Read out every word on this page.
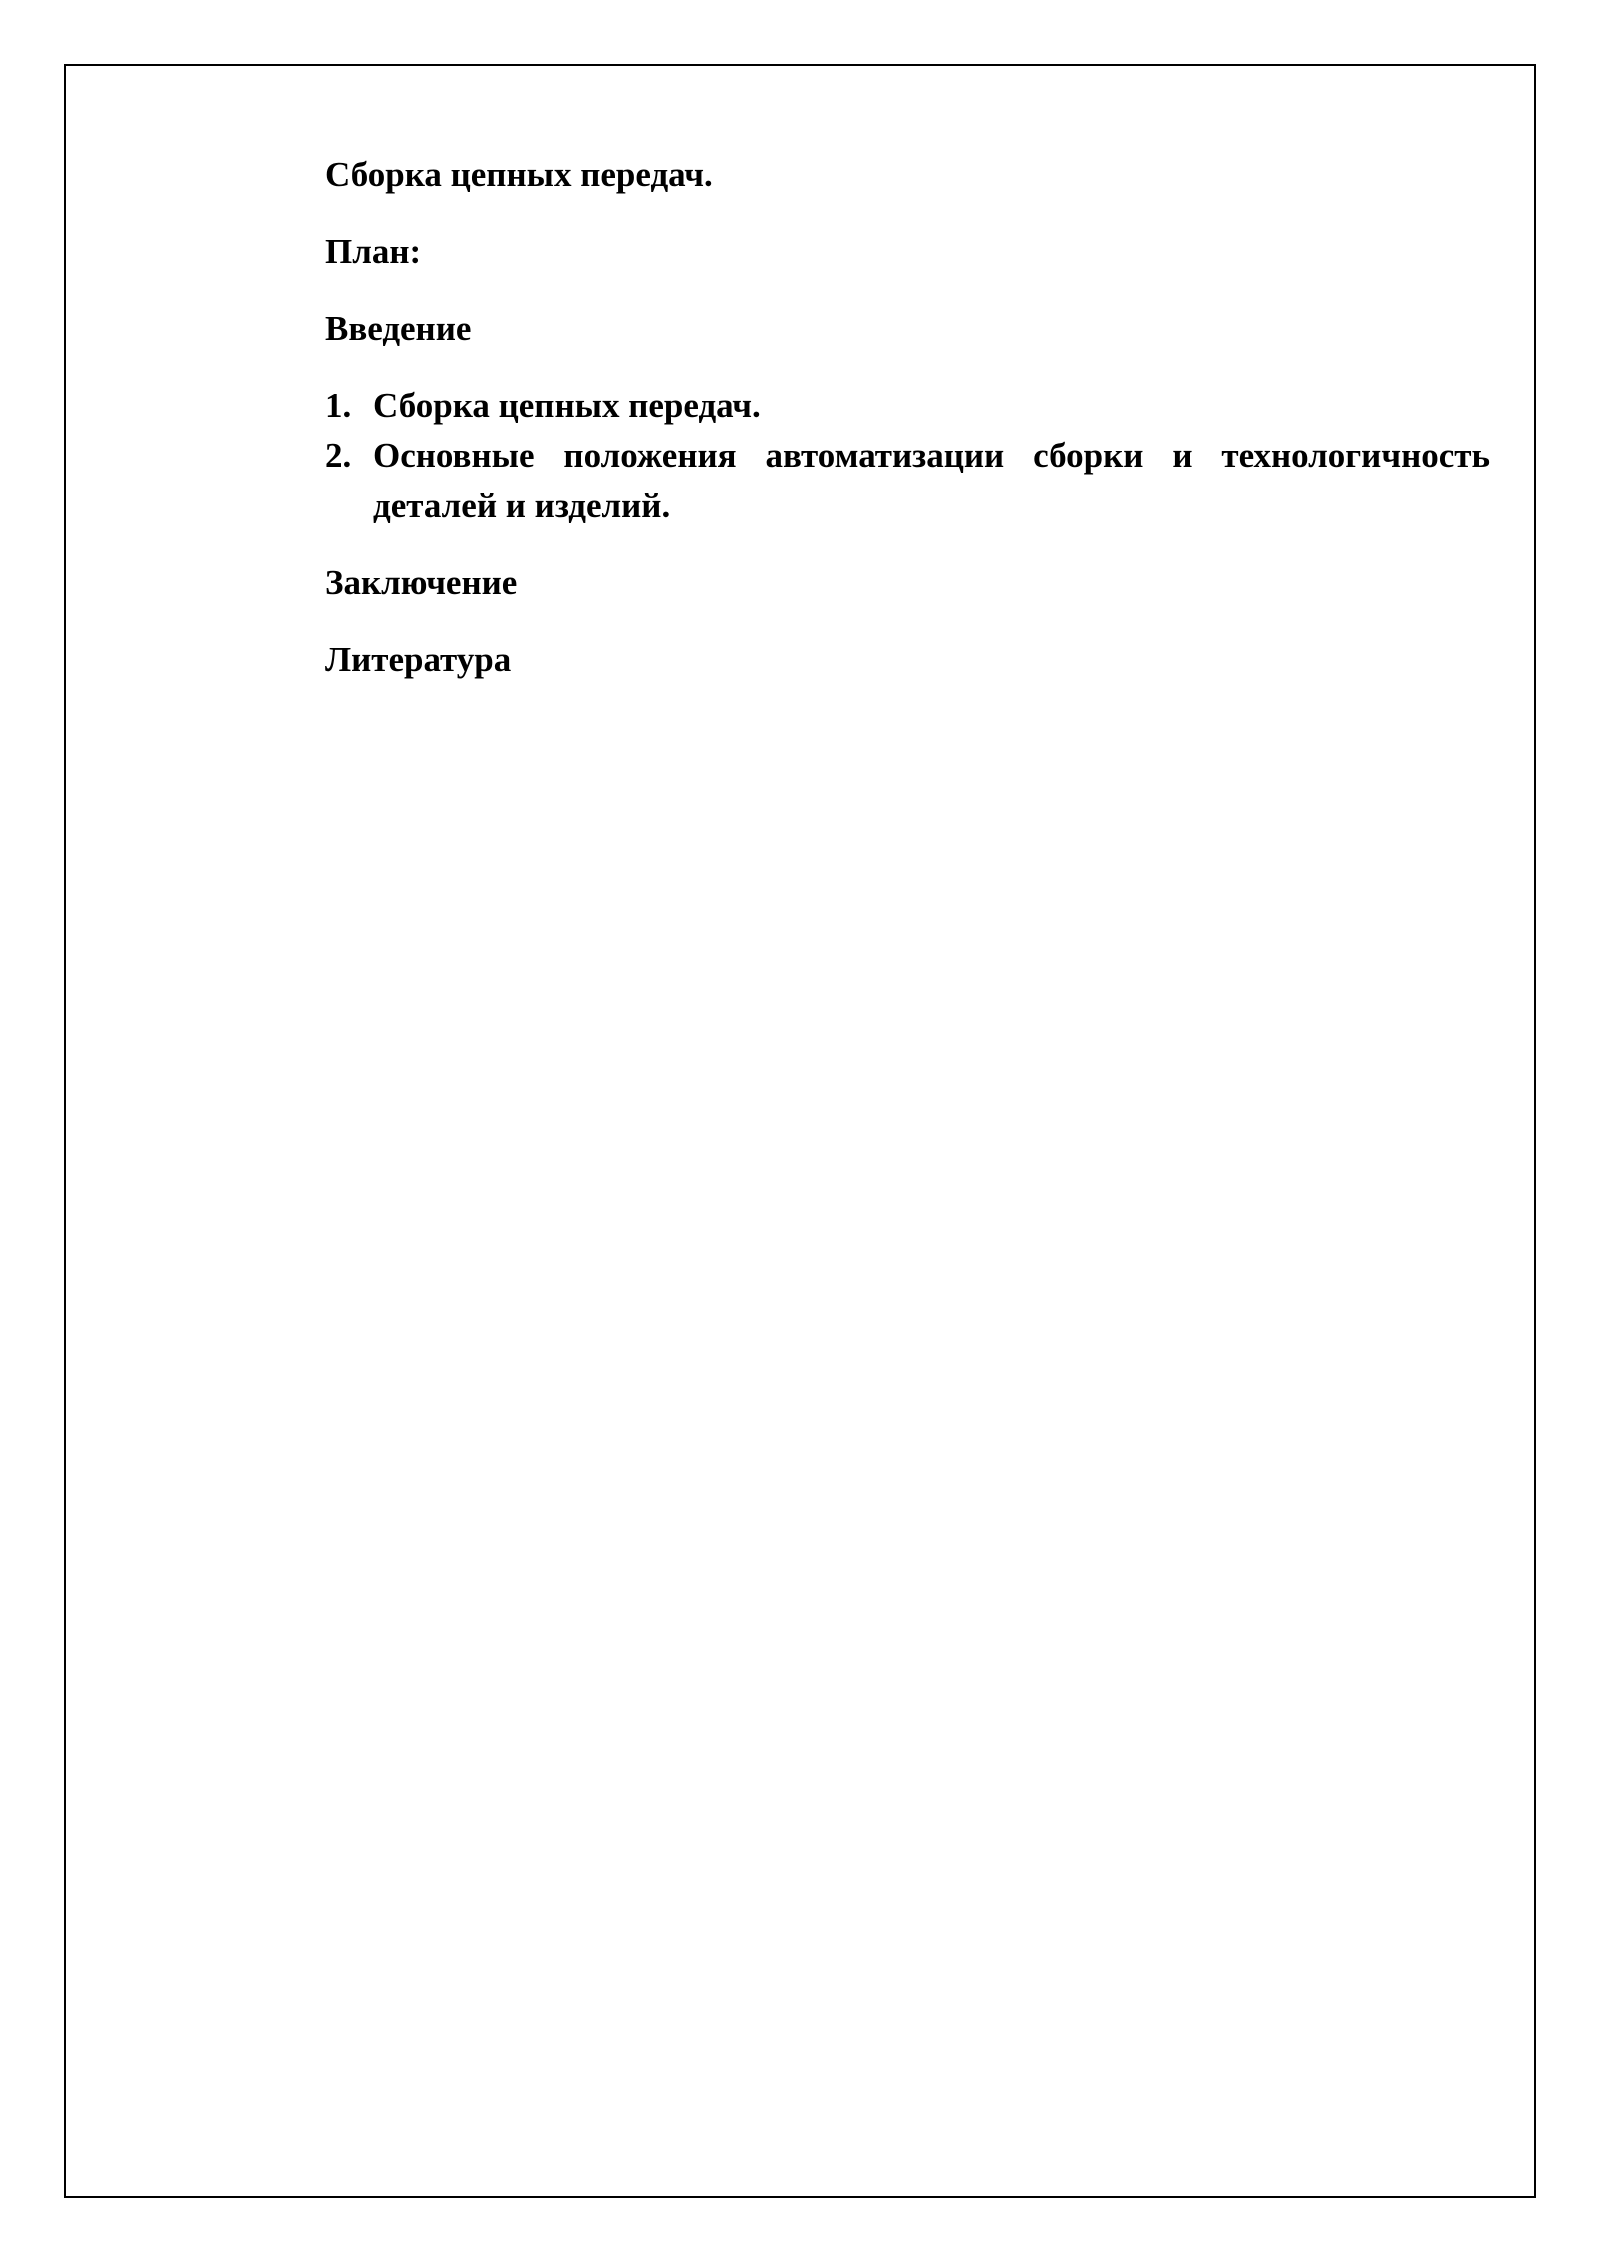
Сборка цепных передач.

План:

Введение

1. Сборка цепных передач.
2. Основные положения автоматизации сборки и технологичность деталей и изделий.

Заключение

Литература
